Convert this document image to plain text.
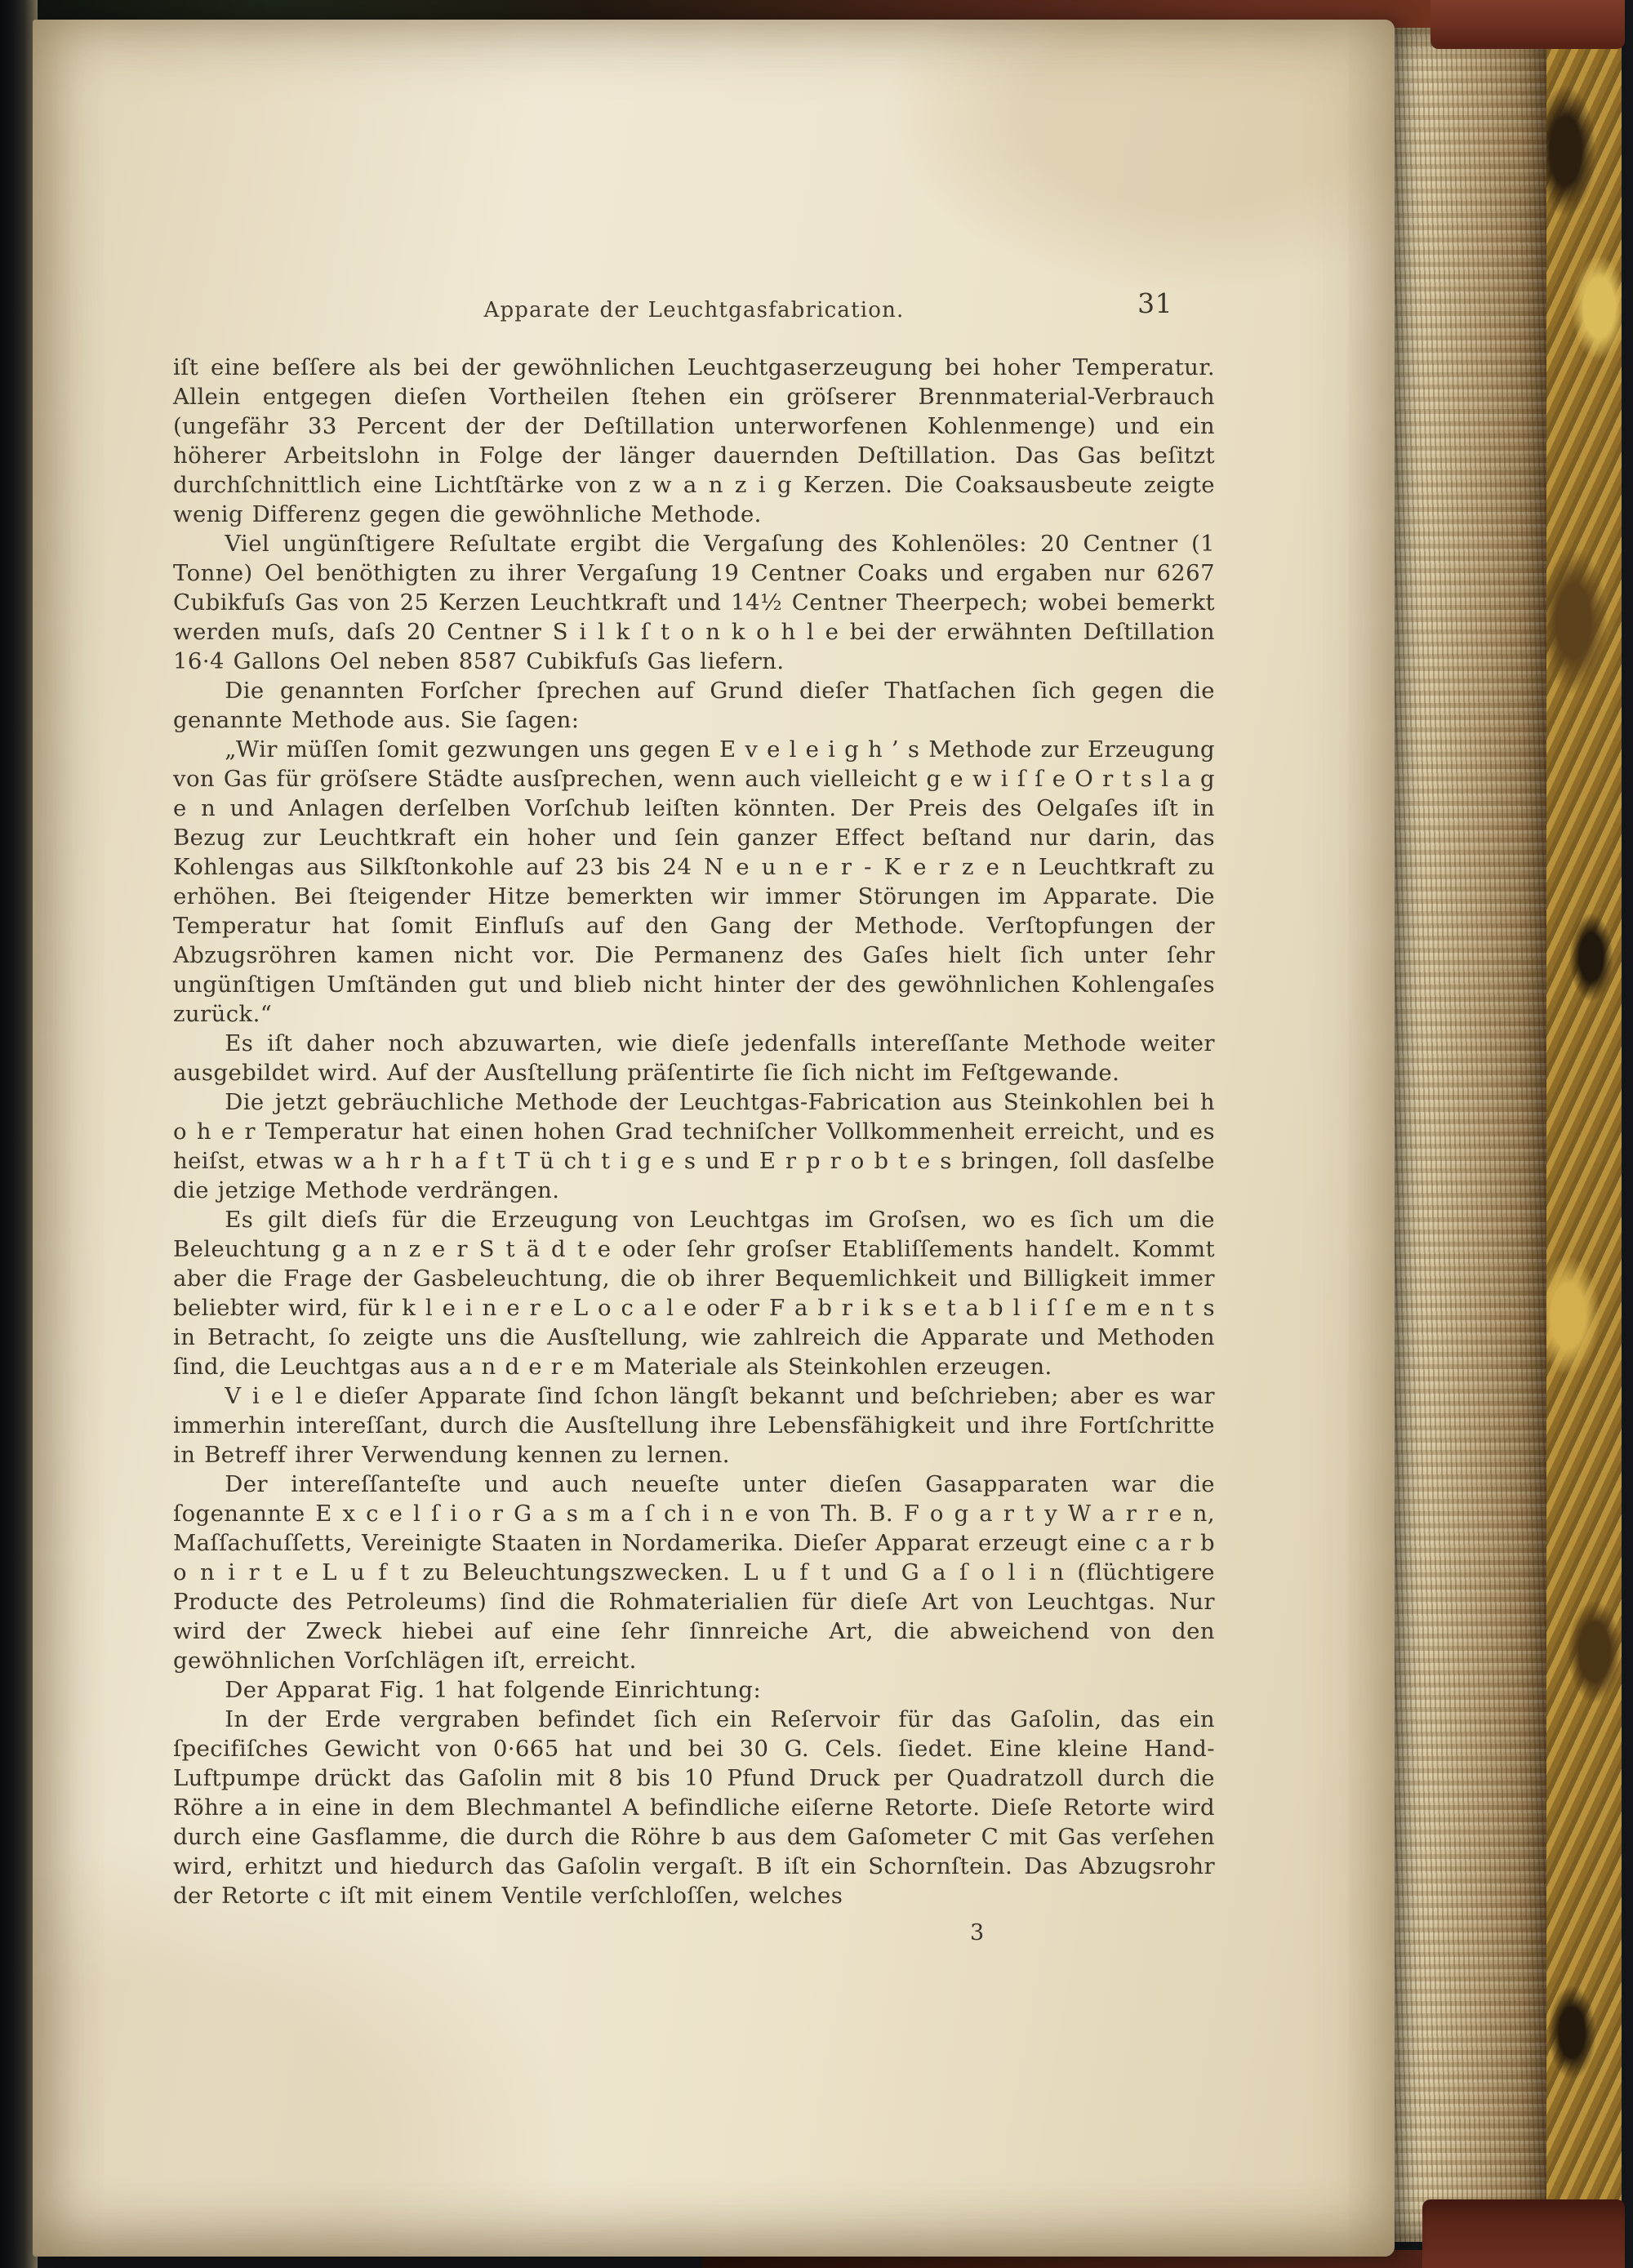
Apparate der Leuchtgasfabrication.	31

iſt eine beſſere als bei der gewöhnlichen Leuchtgaserzeugung bei hoher Temperatur. Allein entgegen dieſen Vortheilen ſtehen ein gröſserer Brennmaterial-Verbrauch (ungefähr 33 Percent der der Deſtillation unterworfenen Kohlenmenge) und ein höherer Arbeitslohn in Folge der länger dauernden Deſtillation. Das Gas beſitzt durchſchnittlich eine Lichtſtärke von z w a n z i g Kerzen. Die Coaksausbeute zeigte wenig Differenz gegen die gewöhnliche Methode.

Viel ungünſtigere Reſultate ergibt die Vergaſung des Kohlenöles: 20 Centner (1 Tonne) Oel benöthigten zu ihrer Vergaſung 19 Centner Coaks und ergaben nur 6267 Cubikfuſs Gas von 25 Kerzen Leuchtkraft und 14½ Centner Theerpech; wobei bemerkt werden muſs, daſs 20 Centner S i l k ſ t o n k o h l e bei der erwähnten Deſtillation 16·4 Gallons Oel neben 8587 Cubikfuſs Gas liefern.

Die genannten Forſcher ſprechen auf Grund dieſer Thatſachen ſich gegen die genannte Methode aus. Sie ſagen:

„Wir müſſen ſomit gezwungen uns gegen E v e l e i g h ’ s Methode zur Erzeugung von Gas für gröſsere Städte ausſprechen, wenn auch vielleicht g e w i ſ ſ e O r t s l a g e n und Anlagen derſelben Vorſchub leiſten könnten. Der Preis des Oelgaſes iſt in Bezug zur Leuchtkraft ein hoher und ſein ganzer Effect beſtand nur darin, das Kohlengas aus Silkſtonkohle auf 23 bis 24 N e u n e r - K e r z e n Leuchtkraft zu erhöhen. Bei ſteigender Hitze bemerkten wir immer Störungen im Apparate. Die Temperatur hat ſomit Einfluſs auf den Gang der Methode. Verſtopfungen der Abzugsröhren kamen nicht vor. Die Permanenz des Gaſes hielt ſich unter ſehr ungünſtigen Umſtänden gut und blieb nicht hinter der des gewöhnlichen Kohlengaſes zurück.“

Es iſt daher noch abzuwarten, wie dieſe jedenfalls intereſſante Methode weiter ausgebildet wird. Auf der Ausſtellung präſentirte ſie ſich nicht im Feſtgewande.

Die jetzt gebräuchliche Methode der Leuchtgas-Fabrication aus Steinkohlen bei h o h e r Temperatur hat einen hohen Grad techniſcher Vollkommenheit erreicht, und es heiſst, etwas w a h r h a f t T ü ch t i g e s und E r p r o b t e s bringen, ſoll dasſelbe die jetzige Methode verdrängen.

Es gilt dieſs für die Erzeugung von Leuchtgas im Groſsen, wo es ſich um die Beleuchtung g a n z e r S t ä d t e oder ſehr groſser Etabliſſements handelt. Kommt aber die Frage der Gasbeleuchtung, die ob ihrer Bequemlichkeit und Billigkeit immer beliebter wird, für k l e i n e r e L o c a l e oder F a b r i k s e t a b l i ſ ſ e m e n t s in Betracht, ſo zeigte uns die Ausſtellung, wie zahlreich die Apparate und Methoden ſind, die Leuchtgas aus a n d e r e m Materiale als Steinkohlen erzeugen.

V i e l e dieſer Apparate ſind ſchon längſt bekannt und beſchrieben; aber es war immerhin intereſſant, durch die Ausſtellung ihre Lebensfähigkeit und ihre Fortſchritte in Betreff ihrer Verwendung kennen zu lernen.

Der intereſſanteſte und auch neueſte unter dieſen Gasapparaten war die ſogenannte E x c e l ſ i o r G a s m a ſ ch i n e von Th. B. F o g a r t y W a r r e n, Maſſachuſſetts, Vereinigte Staaten in Nordamerika. Dieſer Apparat erzeugt eine c a r b o n i r t e L u f t zu Beleuchtungszwecken. L u f t und G a ſ o l i n (flüchtigere Producte des Petroleums) ſind die Rohmaterialien für dieſe Art von Leuchtgas. Nur wird der Zweck hiebei auf eine ſehr ſinnreiche Art, die abweichend von den gewöhnlichen Vorſchlägen iſt, erreicht.

Der Apparat Fig. 1 hat folgende Einrichtung:

In der Erde vergraben befindet ſich ein Reſervoir für das Gaſolin, das ein ſpecifiſches Gewicht von 0·665 hat und bei 30 G. Cels. ſiedet. Eine kleine Hand-Luftpumpe drückt das Gaſolin mit 8 bis 10 Pfund Druck per Quadratzoll durch die Röhre a in eine in dem Blechmantel A befindliche eiſerne Retorte. Dieſe Retorte wird durch eine Gasflamme, die durch die Röhre b aus dem Gaſometer C mit Gas verſehen wird, erhitzt und hiedurch das Gaſolin vergaſt. B iſt ein Schornſtein. Das Abzugsrohr der Retorte c iſt mit einem Ventile verſchloſſen, welches

3
